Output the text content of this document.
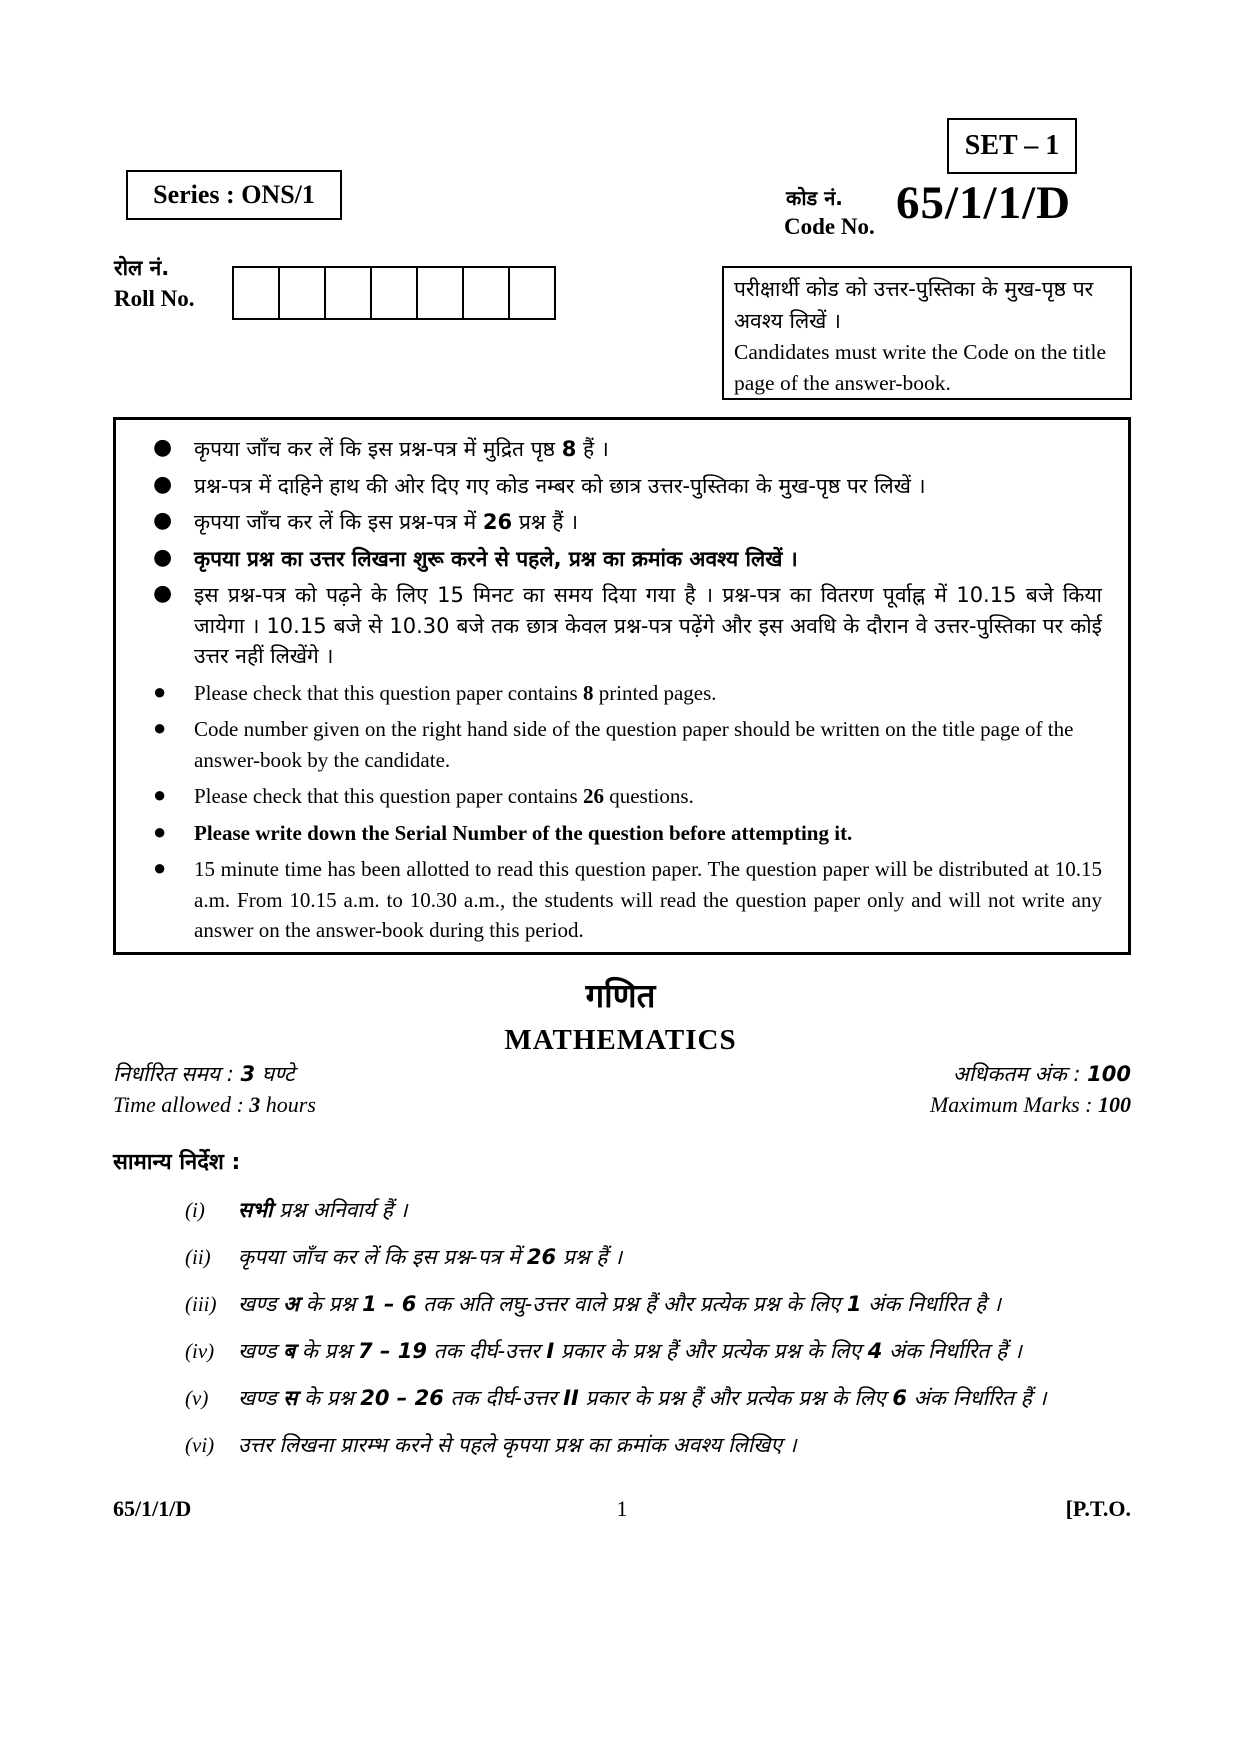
SET – 1
Series : ONS/1	कोड नं.
Code No. 65/1/1/D
रोल नं.
Roll No.	परीक्षार्थी कोड को उत्तर-पुस्तिका के मुख-पृष्ठ पर अवश्य लिखें ।
Candidates must write the Code on the title page of the answer-book.
● कृपया जाँच कर लें कि इस प्रश्न-पत्र में मुद्रित पृष्ठ 8 हैं ।
● प्रश्न-पत्र में दाहिने हाथ की ओर दिए गए कोड नम्बर को छात्र उत्तर-पुस्तिका के मुख-पृष्ठ पर लिखें ।
● कृपया जाँच कर लें कि इस प्रश्न-पत्र में 26 प्रश्न हैं ।
● कृपया प्रश्न का उत्तर लिखना शुरू करने से पहले, प्रश्न का क्रमांक अवश्य लिखें ।
● इस प्रश्न-पत्र को पढ़ने के लिए 15 मिनट का समय दिया गया है । प्रश्न-पत्र का वितरण पूर्वाह्न में 10.15 बजे किया जायेगा । 10.15 बजे से 10.30 बजे तक छात्र केवल प्रश्न-पत्र पढ़ेंगे और इस अवधि के दौरान वे उत्तर-पुस्तिका पर कोई उत्तर नहीं लिखेंगे ।
● Please check that this question paper contains 8 printed pages.
● Code number given on the right hand side of the question paper should be written on the title page of the answer-book by the candidate.
● Please check that this question paper contains 26 questions.
● Please write down the Serial Number of the question before attempting it.
● 15 minute time has been allotted to read this question paper. The question paper will be distributed at 10.15 a.m. From 10.15 a.m. to 10.30 a.m., the students will read the question paper only and will not write any answer on the answer-book during this period.
गणित
MATHEMATICS
निर्धारित समय : 3 घण्टे	अधिकतम अंक : 100
Time allowed : 3 hours	Maximum Marks : 100
सामान्य निर्देश :
(i)	सभी प्रश्न अनिवार्य हैं ।
(ii)	कृपया जाँच कर लें कि इस प्रश्न-पत्र में 26 प्रश्न हैं ।
(iii)	खण्ड अ के प्रश्न 1 – 6 तक अति लघु-उत्तर वाले प्रश्न हैं और प्रत्येक प्रश्न के लिए 1 अंक निर्धारित है ।
(iv)	खण्ड ब के प्रश्न 7 – 19 तक दीर्घ-उत्तर I प्रकार के प्रश्न हैं और प्रत्येक प्रश्न के लिए 4 अंक निर्धारित हैं ।
(v)	खण्ड स के प्रश्न 20 – 26 तक दीर्घ-उत्तर II प्रकार के प्रश्न हैं और प्रत्येक प्रश्न के लिए 6 अंक निर्धारित हैं ।
(vi)	उत्तर लिखना प्रारम्भ करने से पहले कृपया प्रश्न का क्रमांक अवश्य लिखिए ।
65/1/1/D	1	[P.T.O.
